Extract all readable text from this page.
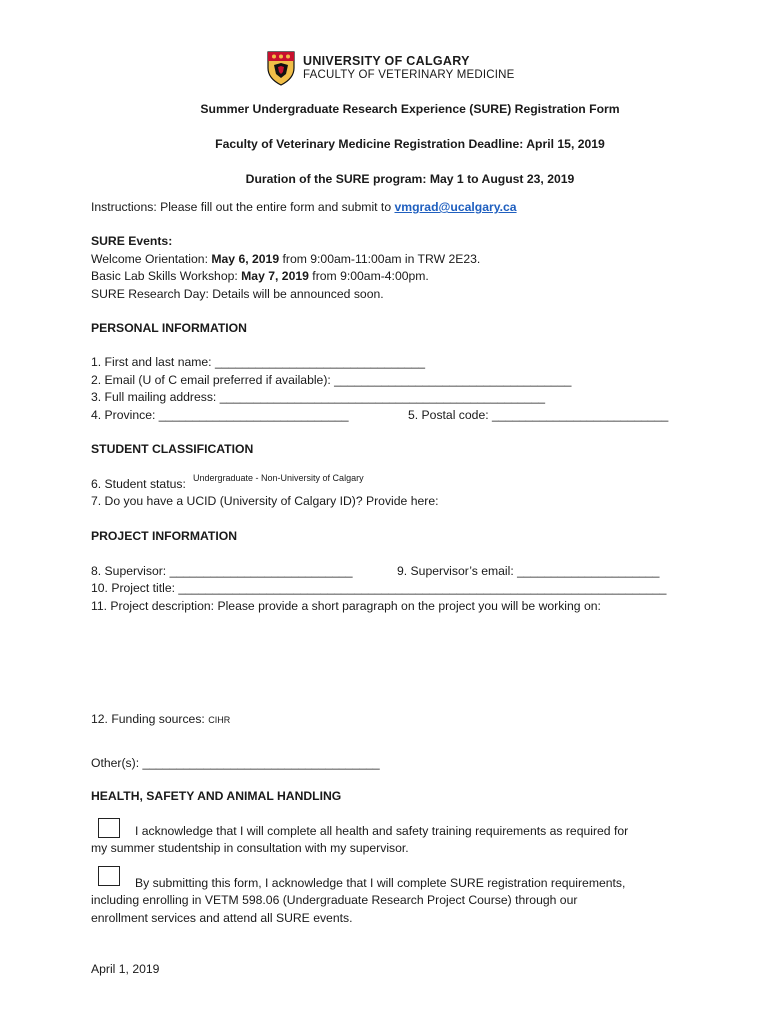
UNIVERSITY OF CALGARY
FACULTY OF VETERINARY MEDICINE
Summer Undergraduate Research Experience (SURE) Registration Form
Faculty of Veterinary Medicine Registration Deadline: April 15, 2019
Duration of the SURE program: May 1 to August 23, 2019
Instructions: Please fill out the entire form and submit to vmgrad@ucalgary.ca
SURE Events:
Welcome Orientation: May 6, 2019 from 9:00am-11:00am in TRW 2E23.
Basic Lab Skills Workshop: May 7, 2019 from 9:00am-4:00pm.
SURE Research Day: Details will be announced soon.
PERSONAL INFORMATION
1. First and last name: _______________________________
2. Email (U of C email preferred if available): ___________________________________
3. Full mailing address: ________________________________________________
4. Province: ____________________________	5. Postal code: __________________________
STUDENT CLASSIFICATION
6. Student status: Undergraduate - Non-University of Calgary
7. Do you have a UCID (University of Calgary ID)? Provide here:
PROJECT INFORMATION
8. Supervisor: ___________________________	9. Supervisor’s email: _____________________
10. Project title: ________________________________________________________________________
11. Project description: Please provide a short paragraph on the project you will be working on:
12. Funding sources: CIHR
Other(s): ___________________________________
HEALTH, SAFETY AND ANIMAL HANDLING
I acknowledge that I will complete all health and safety training requirements as required for
my summer studentship in consultation with my supervisor.
By submitting this form, I acknowledge that I will complete SURE registration requirements,
including enrolling in VETM 598.06 (Undergraduate Research Project Course) through our
enrollment services and attend all SURE events.
April 1, 2019
